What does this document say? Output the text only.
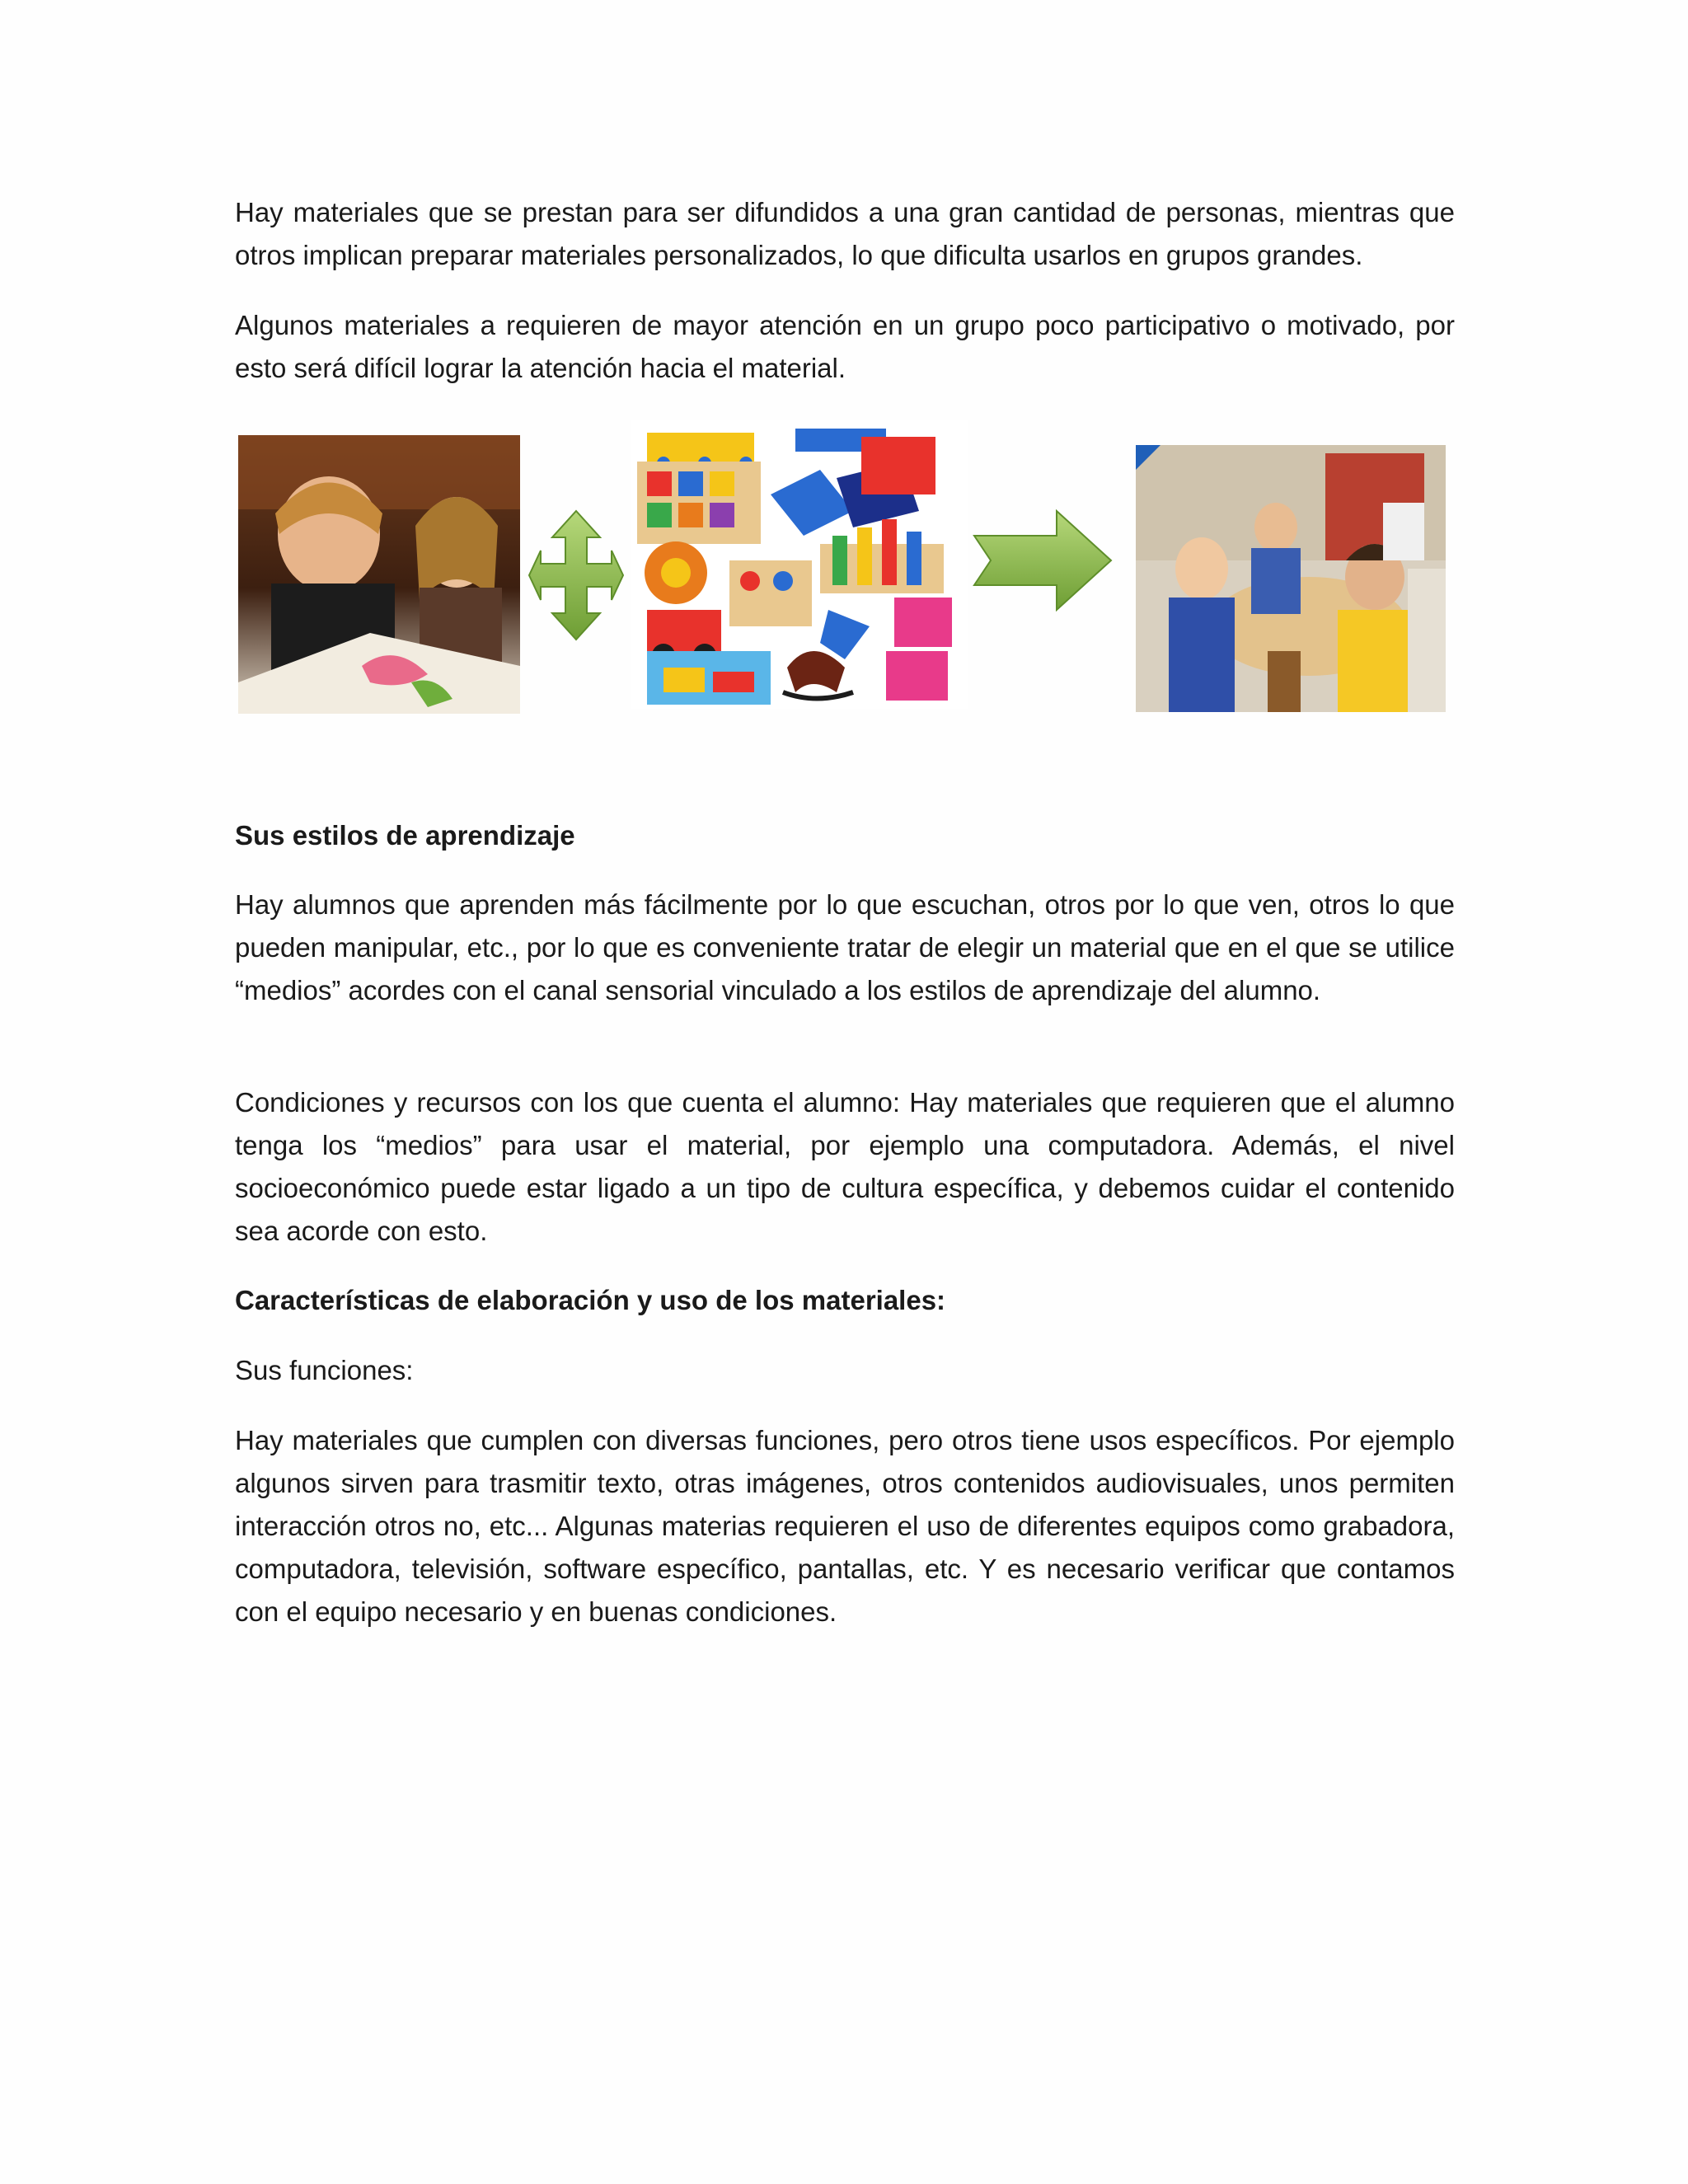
Hay materiales que se prestan para ser difundidos a una gran cantidad de personas, mientras que otros implican preparar materiales personalizados, lo que dificulta usarlos en grupos grandes.

Algunos materiales a requieren de mayor atención en un grupo poco participativo o motivado, por esto será difícil lograr la atención hacia el material.

Sus estilos de aprendizaje

Hay alumnos que aprenden más fácilmente por lo que escuchan, otros por lo que ven, otros lo que pueden manipular, etc., por lo que es conveniente tratar de elegir un material que en el que se utilice “medios” acordes con el canal sensorial vinculado a los estilos de aprendizaje del alumno.

Condiciones y recursos con los que cuenta el alumno: Hay materiales que requieren que el alumno tenga los “medios” para usar el material, por ejemplo una computadora. Además, el nivel socioeconómico puede estar ligado a un tipo de cultura específica, y debemos cuidar el contenido sea acorde con esto.

Características de elaboración y uso de los materiales:

Sus funciones:

Hay materiales que cumplen con diversas funciones, pero otros tiene usos específicos. Por ejemplo algunos sirven para trasmitir texto, otras imágenes, otros contenidos audiovisuales, unos permiten interacción otros no, etc... Algunas materias requieren el uso de diferentes equipos como grabadora, computadora, televisión, software específico, pantallas, etc. Y es necesario verificar que contamos con el equipo necesario y en buenas condiciones.
